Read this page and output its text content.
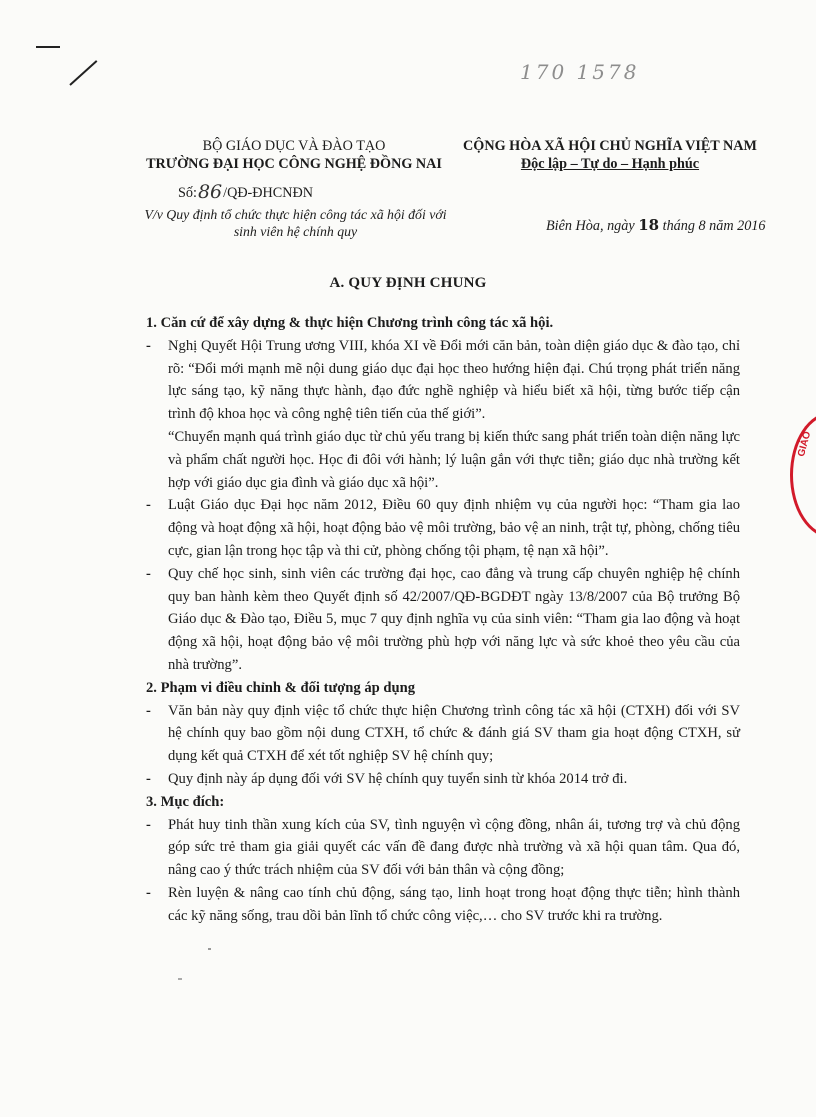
170 1578
BỘ GIÁO DỤC VÀ ĐÀO TẠO
TRƯỜNG ĐẠI HỌC CÔNG NGHỆ ĐỒNG NAI
Số:86/QĐ-ĐHCNĐN
V/v Quy định tổ chức thực hiện công tác xã hội đối với sinh viên hệ chính quy
CỘNG HÒA XÃ HỘI CHỦ NGHĨA VIỆT NAM
Độc lập – Tự do – Hạnh phúc
Biên Hòa, ngày 18 tháng 8 năm 2016
GIÁO
A. QUY ĐỊNH CHUNG

1. Căn cứ để xây dựng & thực hiện Chương trình công tác xã hội.

- Nghị Quyết Hội Trung ương VIII, khóa XI về Đổi mới căn bản, toàn diện giáo dục & đào tạo, chỉ rõ: “Đổi mới mạnh mẽ nội dung giáo dục đại học theo hướng hiện đại. Chú trọng phát triển năng lực sáng tạo, kỹ năng thực hành, đạo đức nghề nghiệp và hiểu biết xã hội, từng bước tiếp cận trình độ khoa học và công nghệ tiên tiến của thế giới”.

“Chuyển mạnh quá trình giáo dục từ chủ yếu trang bị kiến thức sang phát triển toàn diện năng lực và phẩm chất người học. Học đi đôi với hành; lý luận gắn với thực tiễn; giáo dục nhà trường kết hợp với giáo dục gia đình và giáo dục xã hội”.

- Luật Giáo dục Đại học năm 2012, Điều 60 quy định nhiệm vụ của người học: “Tham gia lao động và hoạt động xã hội, hoạt động bảo vệ môi trường, bảo vệ an ninh, trật tự, phòng, chống tiêu cực, gian lận trong học tập và thi cử, phòng chống tội phạm, tệ nạn xã hội”.

- Quy chế học sinh, sinh viên các trường đại học, cao đẳng và trung cấp chuyên nghiệp hệ chính quy ban hành kèm theo Quyết định số 42/2007/QĐ-BGDĐT ngày 13/8/2007 của Bộ trưởng Bộ Giáo dục & Đào tạo, Điều 5, mục 7 quy định nghĩa vụ của sinh viên: “Tham gia lao động và hoạt động xã hội, hoạt động bảo vệ môi trường phù hợp với năng lực và sức khoẻ theo yêu cầu của nhà trường”.

2. Phạm vi điều chỉnh & đối tượng áp dụng

- Văn bản này quy định việc tổ chức thực hiện Chương trình công tác xã hội (CTXH) đối với SV hệ chính quy bao gồm nội dung CTXH, tổ chức & đánh giá SV tham gia hoạt động CTXH, sử dụng kết quả CTXH để xét tốt nghiệp SV hệ chính quy;

- Quy định này áp dụng đối với SV hệ chính quy tuyển sinh từ khóa 2014 trở đi.

3. Mục đích:

- Phát huy tinh thần xung kích của SV, tình nguyện vì cộng đồng, nhân ái, tương trợ và chủ động góp sức trẻ tham gia giải quyết các vấn đề đang được nhà trường và xã hội quan tâm. Qua đó, nâng cao ý thức trách nhiệm của SV đối với bản thân và cộng đồng;

- Rèn luyện & nâng cao tính chủ động, sáng tạo, linh hoạt trong hoạt động thực tiễn; hình thành các kỹ năng sống, trau dồi bản lĩnh tổ chức công việc,… cho SV trước khi ra trường.
